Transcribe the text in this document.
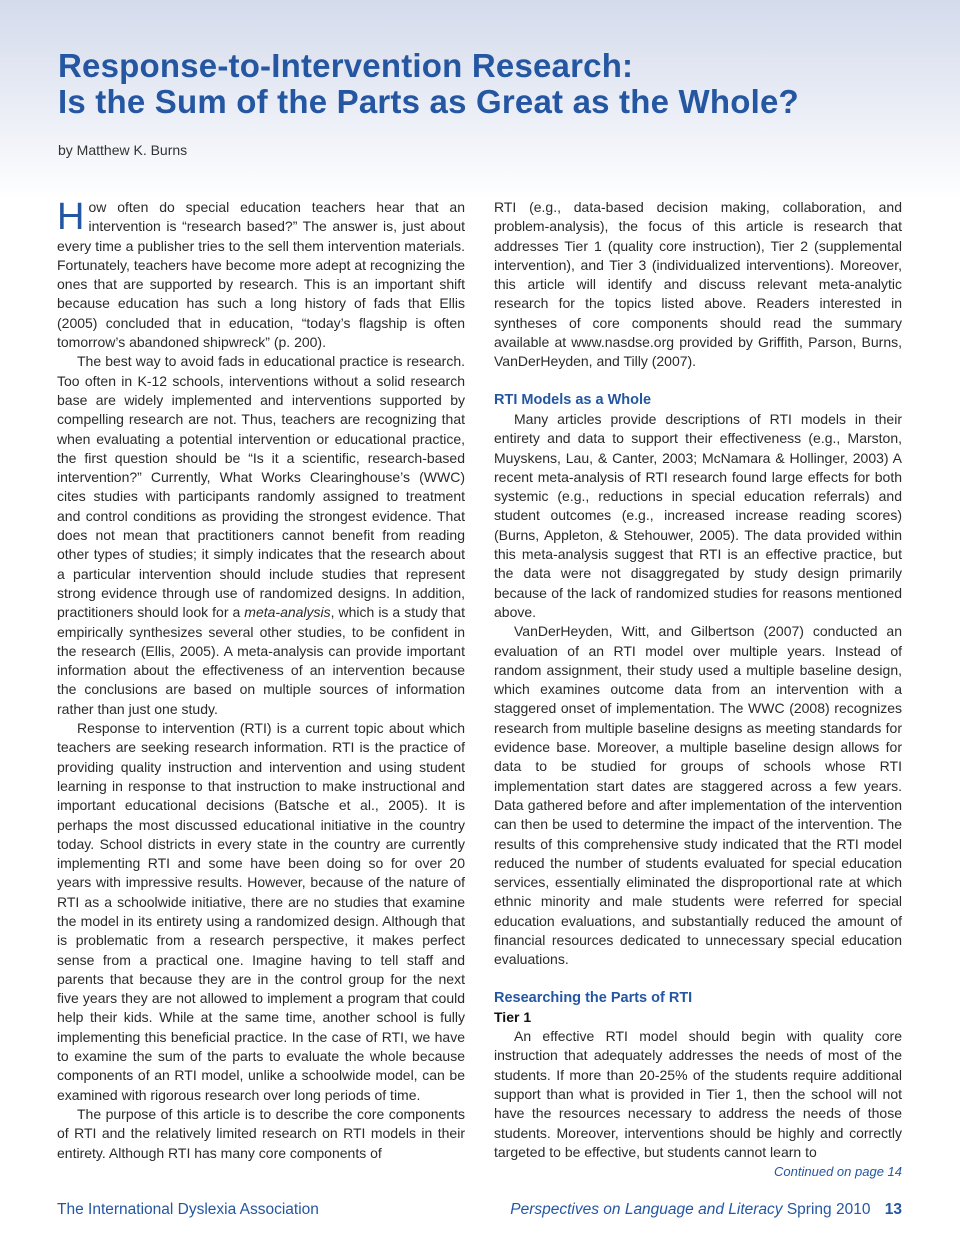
Response-to-Intervention Research:
Is the Sum of the Parts as Great as the Whole?
by Matthew K. Burns

How often do special education teachers hear that an intervention is “research based?” The answer is, just about every time a publisher tries to the sell them intervention materials. Fortunately, teachers have become more adept at recognizing the ones that are supported by research. This is an important shift because education has such a long history of fads that Ellis (2005) concluded that in education, “today’s flagship is often tomorrow’s abandoned shipwreck” (p. 200).

The best way to avoid fads in educational practice is research. Too often in K-12 schools, interventions without a solid research base are widely implemented and interventions supported by compelling research are not. Thus, teachers are recognizing that when evaluating a potential intervention or educational practice, the first question should be “Is it a scientific, research-based intervention?” Currently, What Works Clearinghouse’s (WWC) cites studies with participants randomly assigned to treatment and control conditions as providing the strongest evidence. That does not mean that practitioners cannot benefit from reading other types of studies; it simply indicates that the research about a particular intervention should include studies that represent strong evidence through use of randomized designs. In addition, practitioners should look for a meta-analysis, which is a study that empirically synthesizes several other studies, to be confident in the research (Ellis, 2005). A meta-analysis can provide important information about the effectiveness of an intervention because the conclusions are based on multiple sources of information rather than just one study.

Response to intervention (RTI) is a current topic about which teachers are seeking research information. RTI is the practice of providing quality instruction and intervention and using student learning in response to that instruction to make instructional and important educational decisions (Batsche et al., 2005). It is perhaps the most discussed educational initiative in the country today. School districts in every state in the country are currently implementing RTI and some have been doing so for over 20 years with impressive results. However, because of the nature of RTI as a schoolwide initiative, there are no studies that examine the model in its entirety using a randomized design. Although that is problematic from a research perspective, it makes perfect sense from a practical one. Imagine having to tell staff and parents that because they are in the control group for the next five years they are not allowed to implement a program that could help their kids. While at the same time, another school is fully implementing this beneficial practice. In the case of RTI, we have to examine the sum of the parts to evaluate the whole because components of an RTI model, unlike a schoolwide model, can be examined with rigorous research over long periods of time.

The purpose of this article is to describe the core components of RTI and the relatively limited research on RTI models in their entirety. Although RTI has many core components of

RTI (e.g., data-based decision making, collaboration, and problem-analysis), the focus of this article is research that addresses Tier 1 (quality core instruction), Tier 2 (supplemental intervention), and Tier 3 (individualized interventions). Moreover, this article will identify and discuss relevant meta-analytic research for the topics listed above. Readers interested in syntheses of core components should read the summary available at www.nasdse.org provided by Griffith, Parson, Burns, VanDerHeyden, and Tilly (2007).

RTI Models as a Whole

Many articles provide descriptions of RTI models in their entirety and data to support their effectiveness (e.g., Marston, Muyskens, Lau, & Canter, 2003; McNamara & Hollinger, 2003) A recent meta-analysis of RTI research found large effects for both systemic (e.g., reductions in special education referrals) and student outcomes (e.g., increased increase reading scores) (Burns, Appleton, & Stehouwer, 2005). The data provided within this meta-analysis suggest that RTI is an effective practice, but the data were not disaggregated by study design primarily because of the lack of randomized studies for reasons mentioned above.

VanDerHeyden, Witt, and Gilbertson (2007) conducted an evaluation of an RTI model over multiple years. Instead of random assignment, their study used a multiple baseline design, which examines outcome data from an intervention with a staggered onset of implementation. The WWC (2008) recognizes research from multiple baseline designs as meeting standards for evidence base. Moreover, a multiple baseline design allows for data to be studied for groups of schools whose RTI implementation start dates are staggered across a few years. Data gathered before and after implementation of the intervention can then be used to determine the impact of the intervention. The results of this comprehensive study indicated that the RTI model reduced the number of students evaluated for special education services, essentially eliminated the disproportional rate at which ethnic minority and male students were referred for special education evaluations, and substantially reduced the amount of financial resources dedicated to unnecessary special education evaluations.

Researching the Parts of RTI
Tier 1

An effective RTI model should begin with quality core instruction that adequately addresses the needs of most of the students. If more than 20-25% of the students require additional support than what is provided in Tier 1, then the school will not have the resources necessary to address the needs of those students. Moreover, interventions should be highly and correctly targeted to be effective, but students cannot learn to

Continued on page 14
The International Dyslexia Association	Perspectives on Language and Literacy Spring 2010 13
